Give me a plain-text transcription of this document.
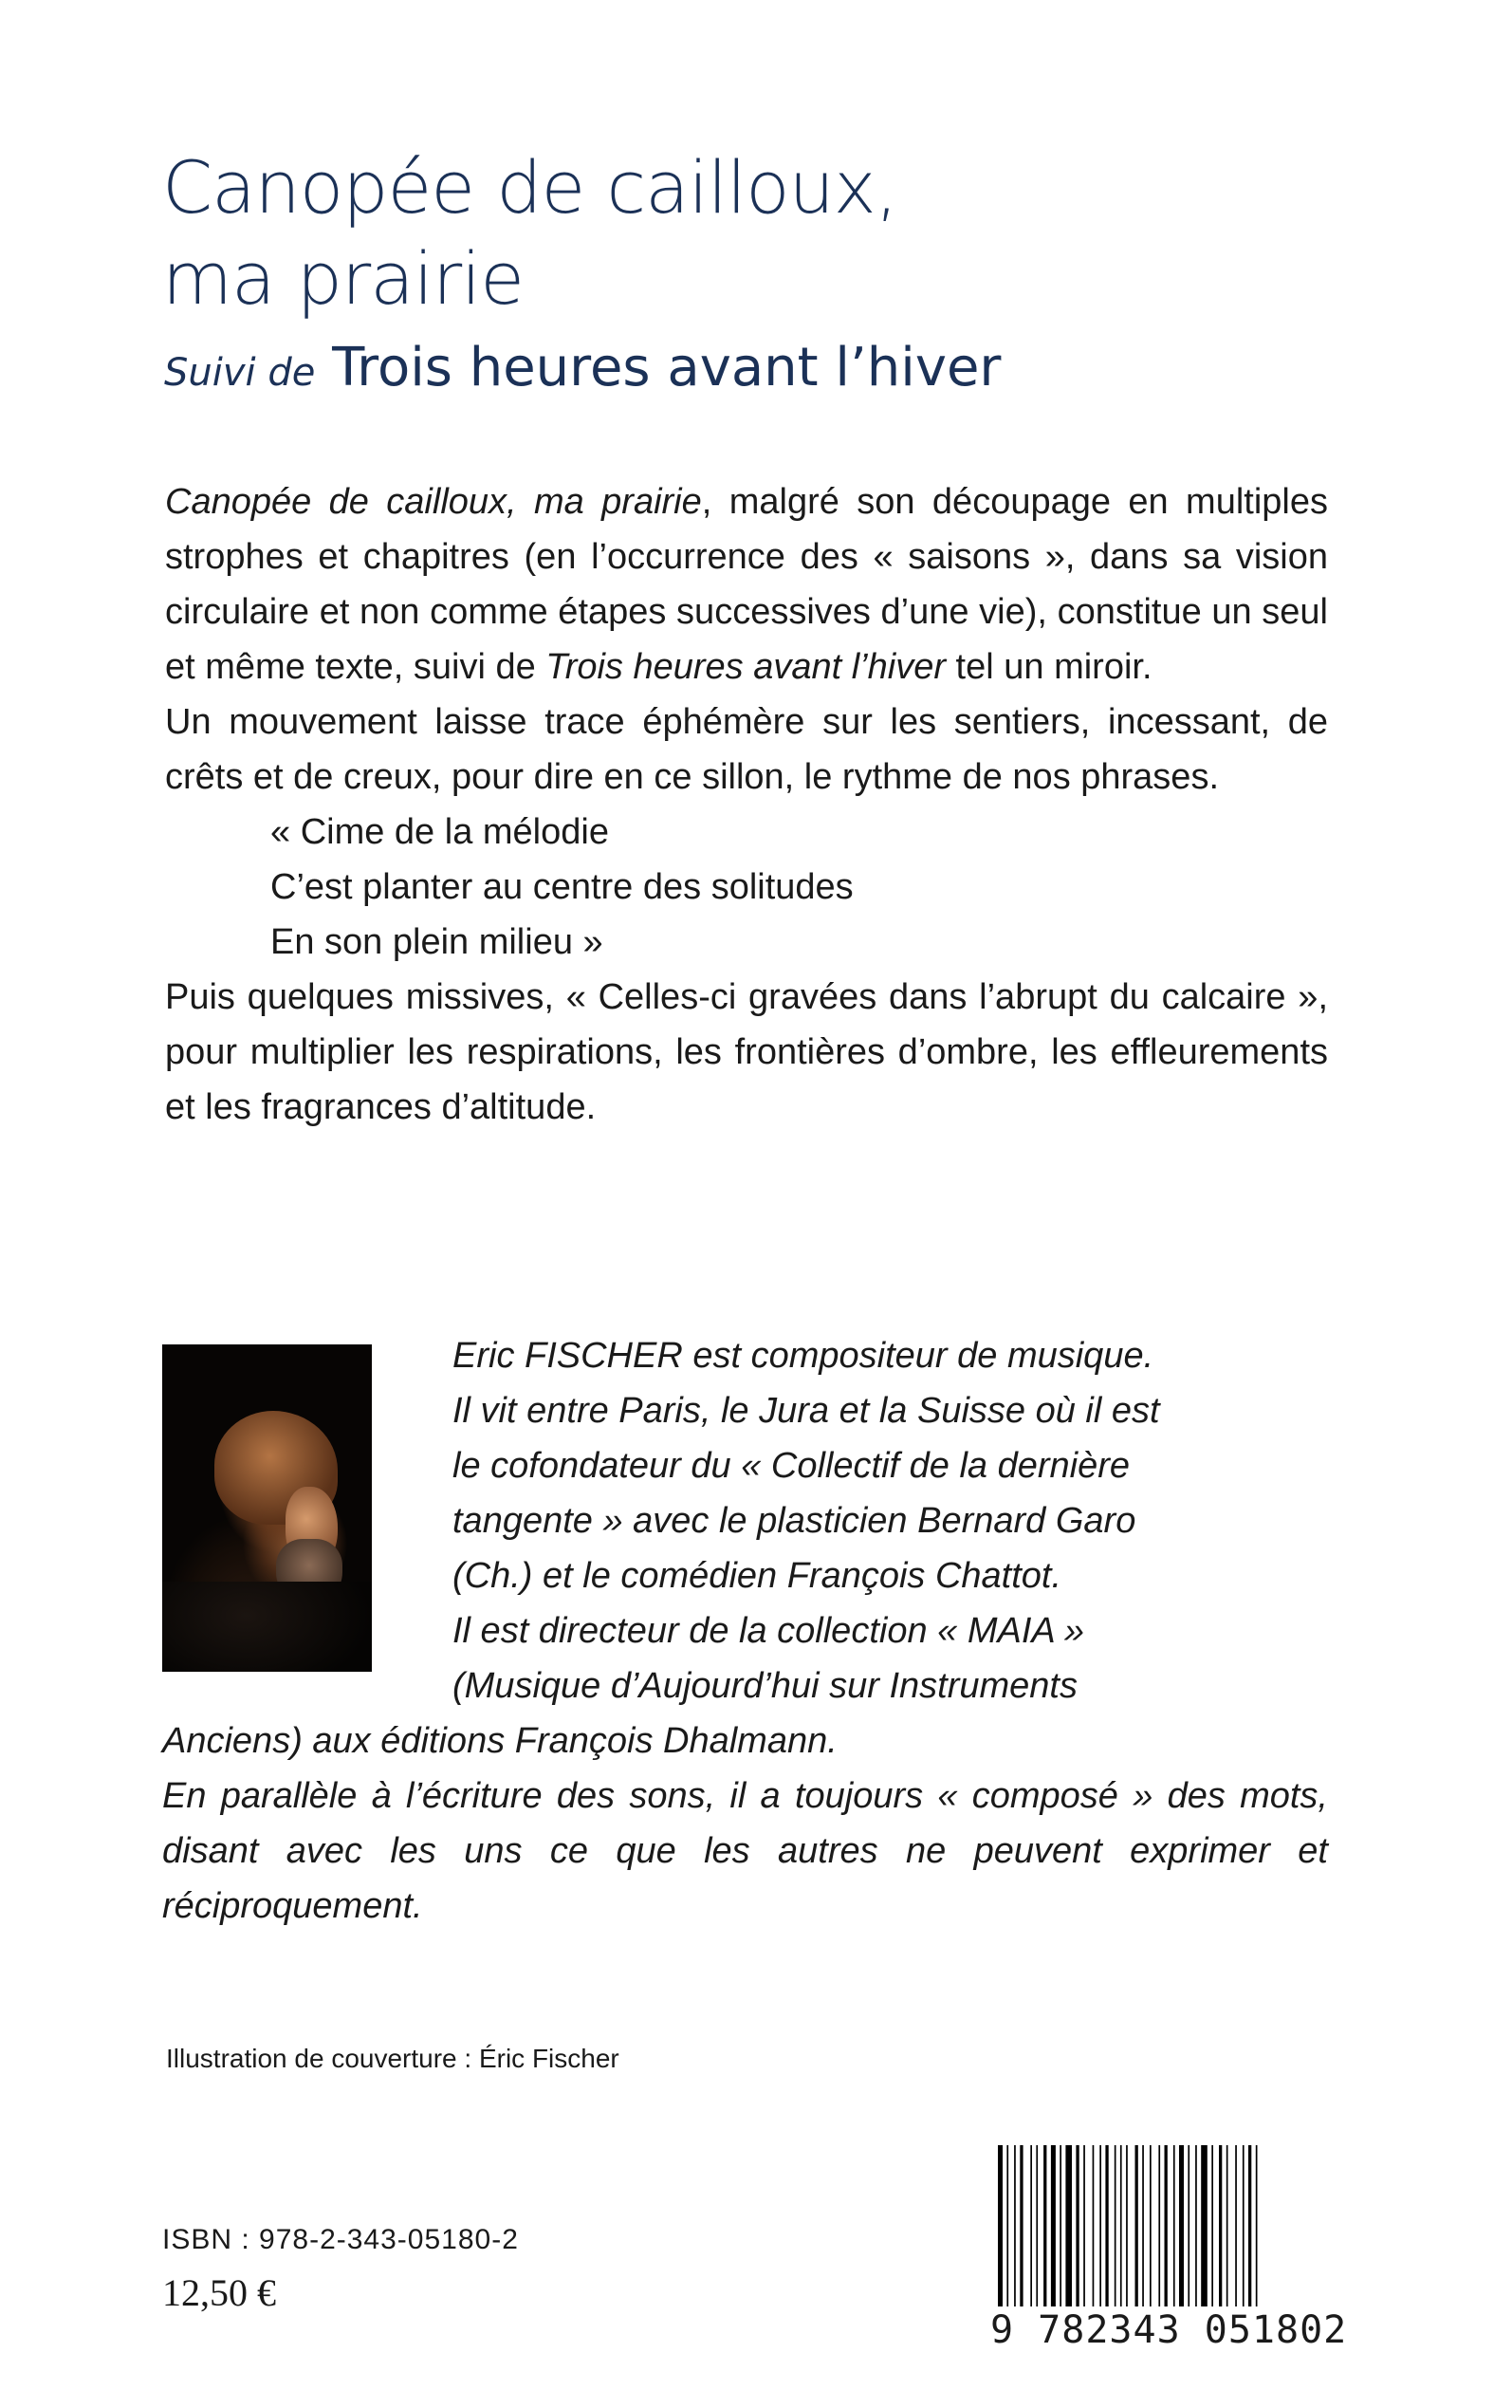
Canopée de cailloux,
ma prairie
Suivi de Trois heures avant l’hiver

Canopée de cailloux, ma prairie, malgré son découpage en multiples strophes et chapitres (en l’occurrence des « saisons », dans sa vision circulaire et non comme étapes successives d’une vie), constitue un seul et même texte, suivi de Trois heures avant l’hiver tel un miroir.

Un mouvement laisse trace éphémère sur les sentiers, incessant, de crêts et de creux, pour dire en ce sillon, le rythme de nos phrases.

« Cime de la mélodie

C’est planter au centre des solitudes

En son plein milieu »

Puis quelques missives, « Celles-ci gravées dans l’abrupt du calcaire », pour multiplier les respirations, les frontières d’ombre, les effleurements et les fragrances d’altitude.

Eric FISCHER est compositeur de musique.
Il vit entre Paris, le Jura et la Suisse où il est
le cofondateur du « Collectif de la dernière
tangente » avec le plasticien Bernard Garo
(Ch.) et le comédien François Chattot.
Il est directeur de la collection « MAIA »
(Musique d’Aujourd’hui sur Instruments
Anciens) aux éditions François Dhalmann.
En parallèle à l’écriture des sons, il a toujours « composé » des mots, disant avec les uns ce que les autres ne peuvent exprimer et réciproquement.
Illustration de couverture : Éric Fischer
ISBN : 978-2-343-05180-2
12,50 €
9 782343 051802
